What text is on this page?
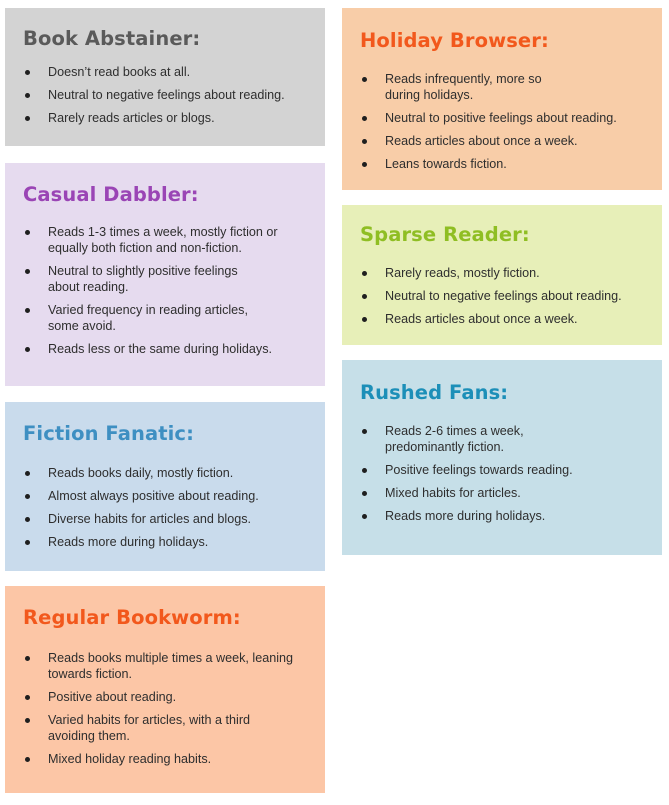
Book Abstainer:
Doesn’t read books at all.
Neutral to negative feelings about reading.
Rarely reads articles or blogs.
Casual Dabbler:
Reads 1-3 times a week, mostly fiction or
equally both fiction and non-fiction.
Neutral to slightly positive feelings
about reading.
Varied frequency in reading articles,
some avoid.
Reads less or the same during holidays.
Fiction Fanatic:
Reads books daily, mostly fiction.
Almost always positive about reading.
Diverse habits for articles and blogs.
Reads more during holidays.
Regular Bookworm:
Reads books multiple times a week, leaning
towards fiction.
Positive about reading.
Varied habits for articles, with a third
avoiding them.
Mixed holiday reading habits.
Holiday Browser:
Reads infrequently, more so
during holidays.
Neutral to positive feelings about reading.
Reads articles about once a week.
Leans towards fiction.
Sparse Reader:
Rarely reads, mostly fiction.
Neutral to negative feelings about reading.
Reads articles about once a week.
Rushed Fans:
Reads 2-6 times a week,
predominantly fiction.
Positive feelings towards reading.
Mixed habits for articles.
Reads more during holidays.
